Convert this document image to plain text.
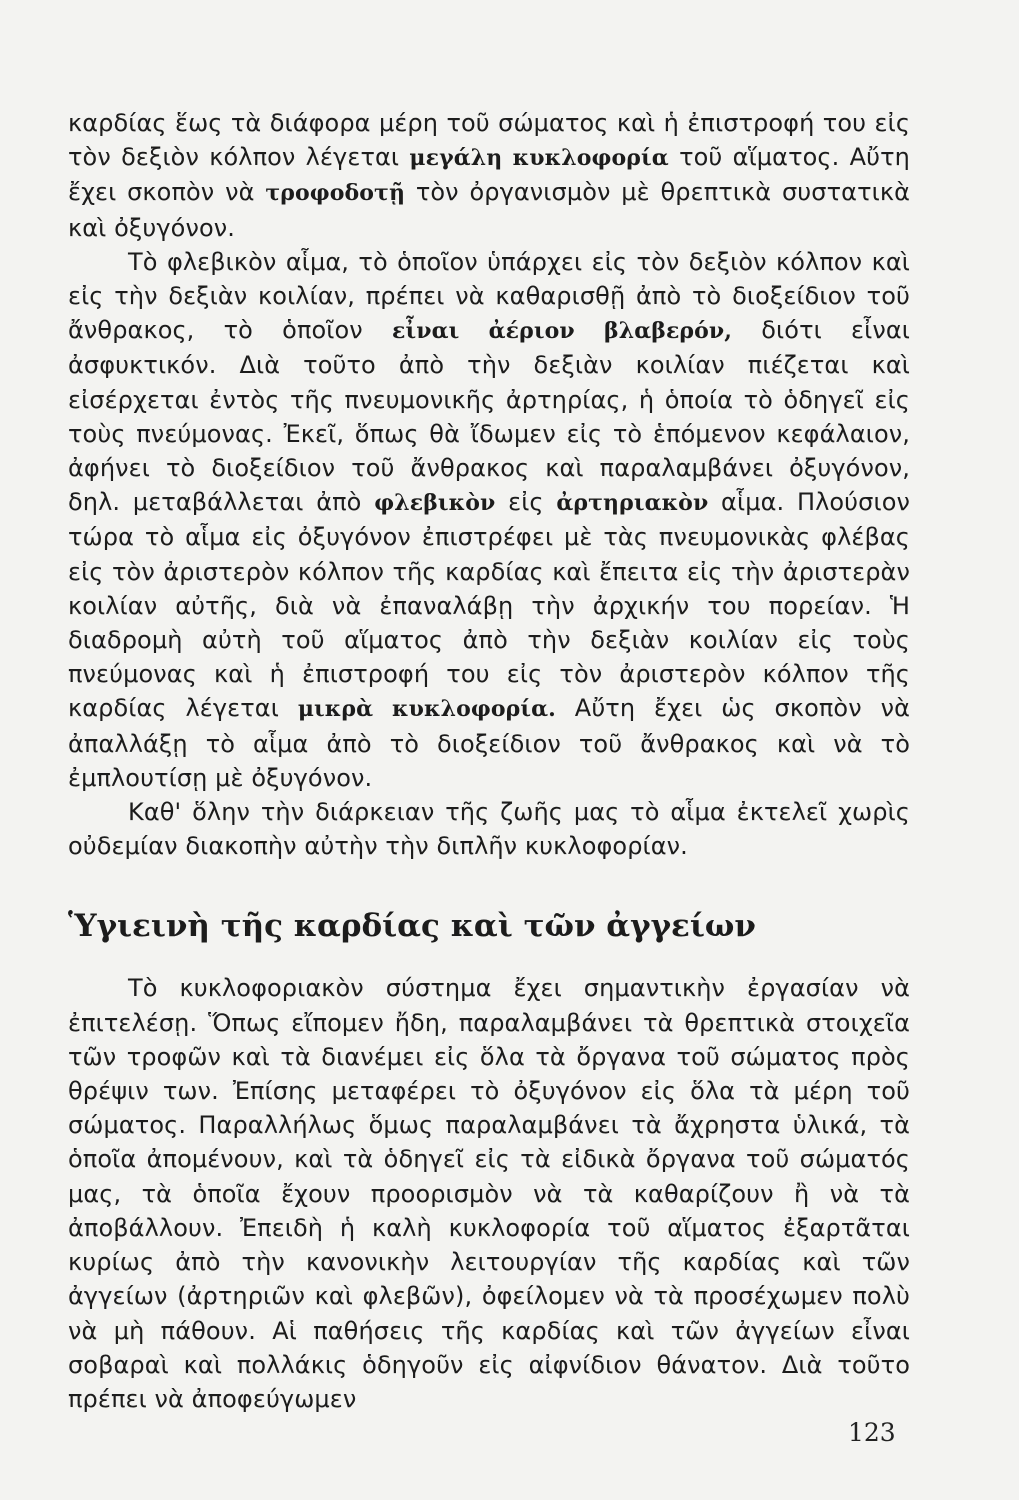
καρδίας ἕως τὰ διάφορα μέρη τοῦ σώματος καὶ ἡ ἐπιστροφή του εἰς τὸν δεξιὸν κόλπον λέγεται μεγάλη κυκλοφορία τοῦ αἵματος. Αὔτη ἔχει σκοπὸν νὰ τροφοδοτῇ τὸν ὀργανισμὸν μὲ θρεπτικὰ συστατικὰ καὶ ὀξυγόνον.

Τὸ φλεβικὸν αἷμα, τὸ ὁποῖον ὑπάρχει εἰς τὸν δεξιὸν κόλπον καὶ εἰς τὴν δεξιὰν κοιλίαν, πρέπει νὰ καθαρισθῇ ἀπὸ τὸ διοξείδιον τοῦ ἄνθρακος, τὸ ὁποῖον εἶναι ἀέριον βλαβερόν, διότι εἶναι ἀσφυκτικόν. Διὰ τοῦτο ἀπὸ τὴν δεξιὰν κοιλίαν πιέζεται καὶ εἰσέρχεται ἐντὸς τῆς πνευμονικῆς ἀρτηρίας, ἡ ὁποία τὸ ὁδηγεῖ εἰς τοὺς πνεύμονας. Ἐκεῖ, ὅπως θὰ ἴδωμεν εἰς τὸ ἑπόμενον κεφάλαιον, ἀφήνει τὸ διοξείδιον τοῦ ἄνθρακος καὶ παραλαμβάνει ὀξυγόνον, δηλ. μεταβάλλεται ἀπὸ φλεβικὸν εἰς ἀρτηριακὸν αἷμα. Πλούσιον τώρα τὸ αἷμα εἰς ὀξυγόνον ἐπιστρέφει μὲ τὰς πνευμονικὰς φλέβας εἰς τὸν ἀριστερὸν κόλπον τῆς καρδίας καὶ ἔπειτα εἰς τὴν ἀριστερὰν κοιλίαν αὐτῆς, διὰ νὰ ἐπαναλάβῃ τὴν ἀρχικήν του πορείαν. Ἡ διαδρομὴ αὐτὴ τοῦ αἵματος ἀπὸ τὴν δεξιὰν κοιλίαν εἰς τοὺς πνεύμονας καὶ ἡ ἐπιστροφή του εἰς τὸν ἀριστερὸν κόλπον τῆς καρδίας λέγεται μικρὰ κυκλοφορία. Αὔτη ἔχει ὡς σκοπὸν νὰ ἀπαλλάξῃ τὸ αἷμα ἀπὸ τὸ διοξείδιον τοῦ ἄνθρακος καὶ νὰ τὸ ἐμπλουτίσῃ μὲ ὀξυγόνον.

Καθ' ὅλην τὴν διάρκειαν τῆς ζωῆς μας τὸ αἷμα ἐκτελεῖ χωρὶς οὐδεμίαν διακοπὴν αὐτὴν τὴν διπλῆν κυκλοφορίαν.

Ὑγιεινὴ τῆς καρδίας καὶ τῶν ἀγγείων

Τὸ κυκλοφοριακὸν σύστημα ἔχει σημαντικὴν ἐργασίαν νὰ ἐπιτελέσῃ. Ὅπως εἴπομεν ἤδη, παραλαμβάνει τὰ θρεπτικὰ στοιχεῖα τῶν τροφῶν καὶ τὰ διανέμει εἰς ὅλα τὰ ὄργανα τοῦ σώματος πρὸς θρέψιν των. Ἐπίσης μεταφέρει τὸ ὀξυγόνον εἰς ὅλα τὰ μέρη τοῦ σώματος. Παραλλήλως ὅμως παραλαμβάνει τὰ ἄχρηστα ὑλικά, τὰ ὁποῖα ἀπομένουν, καὶ τὰ ὁδηγεῖ εἰς τὰ εἰδικὰ ὄργανα τοῦ σώματός μας, τὰ ὁποῖα ἔχουν προορισμὸν νὰ τὰ καθαρίζουν ἢ νὰ τὰ ἀποβάλλουν. Ἐπειδὴ ἡ καλὴ κυκλοφορία τοῦ αἵματος ἐξαρτᾶται κυρίως ἀπὸ τὴν κανονικὴν λειτουργίαν τῆς καρδίας καὶ τῶν ἀγγείων (ἀρτηριῶν καὶ φλεβῶν), ὀφείλομεν νὰ τὰ προσέχωμεν πολὺ νὰ μὴ πάθουν. Αἱ παθήσεις τῆς καρδίας καὶ τῶν ἀγγείων εἶναι σοβαραὶ καὶ πολλάκις ὁδηγοῦν εἰς αἰφνίδιον θάνατον. Διὰ τοῦτο πρέπει νὰ ἀποφεύγωμεν

123
